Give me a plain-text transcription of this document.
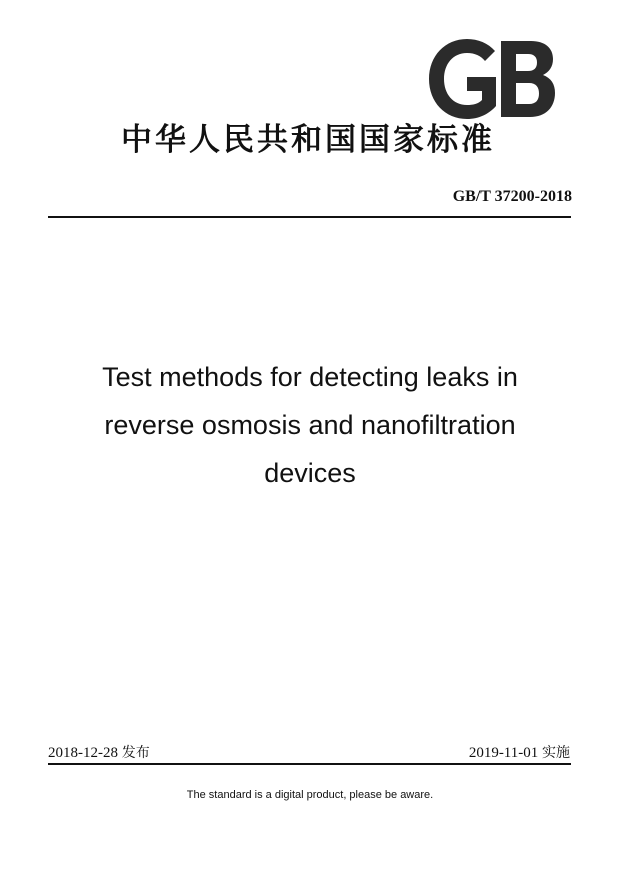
中华人民共和国国家标准
GB/T 37200-2018
Test methods for detecting leaks in
reverse osmosis and nanofiltration
devices
2018-12-28 发布	2019-11-01 实施
The standard is a digital product, please be aware.
